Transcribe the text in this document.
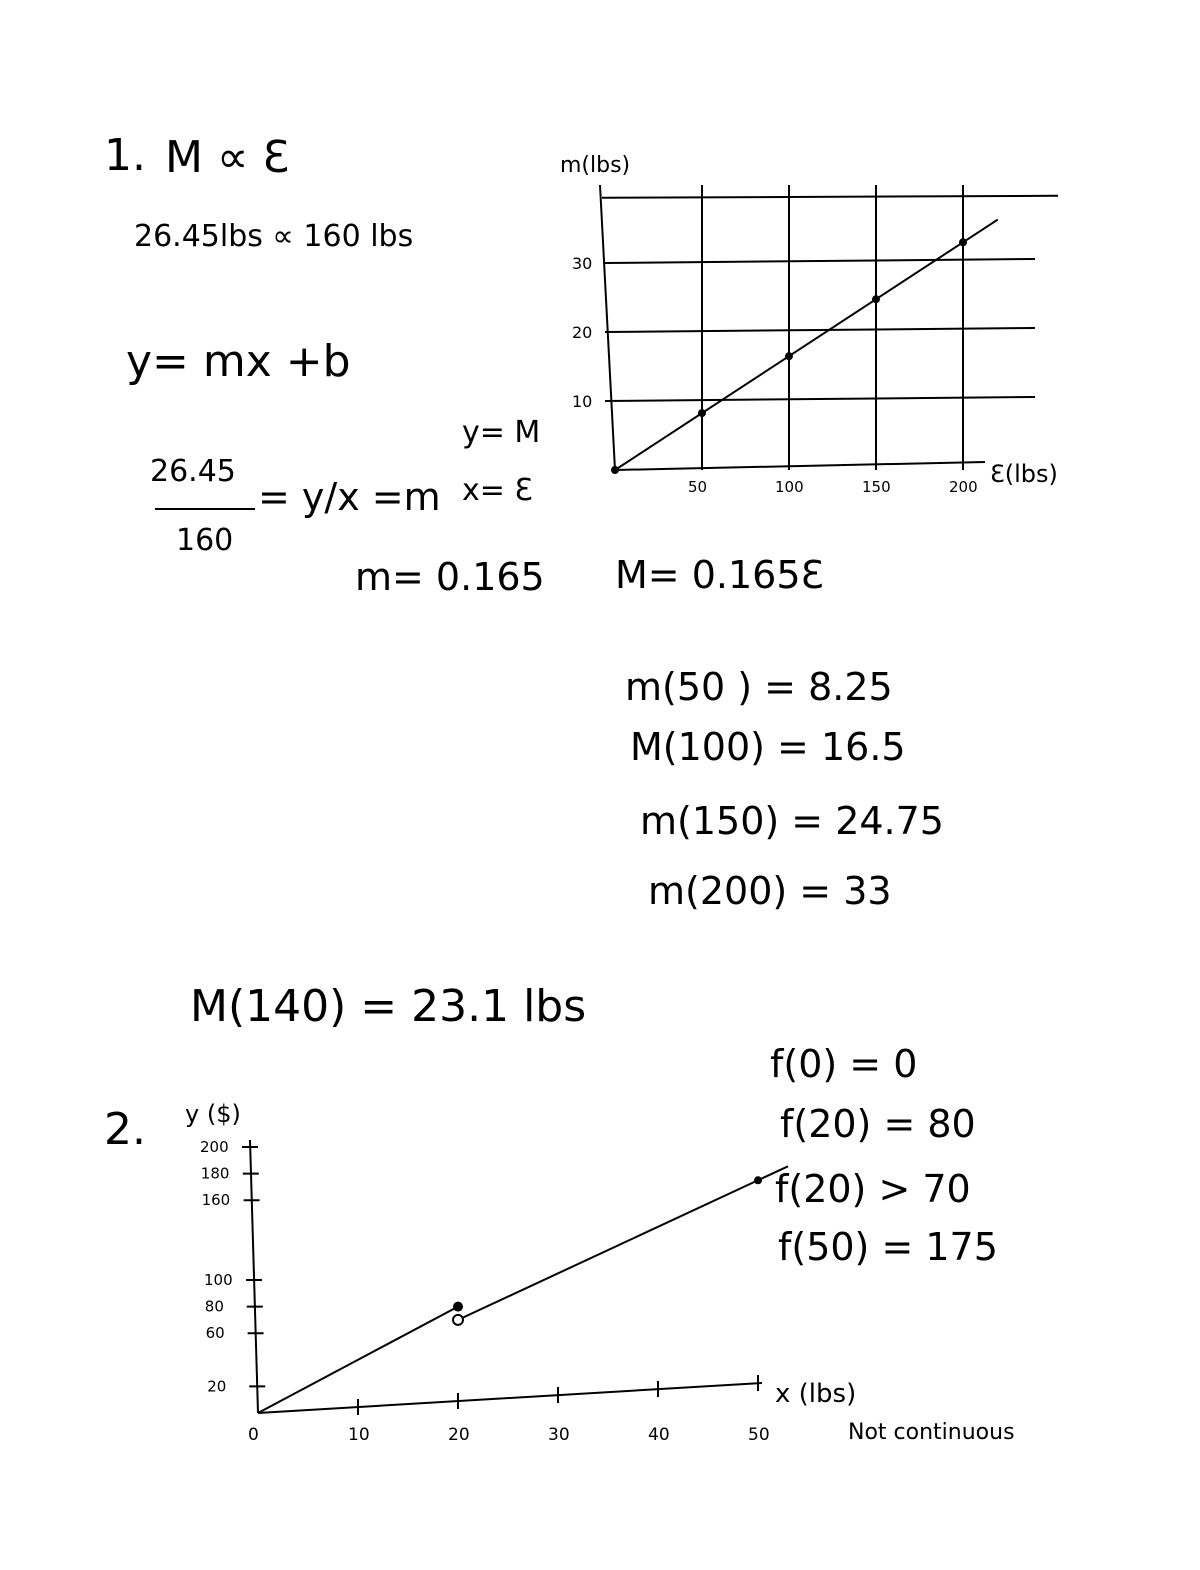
1. M ∝ Ɛ
26.45lbs ∝ 160 lbs
y= mx +b
26.45
160
= y/x =m
y= M
x= Ɛ
m= 0.165 M= 0.165Ɛ
m(50 ) = 8.25
M(100) = 16.5
m(150) = 24.75
m(200) = 33
M(140) = 23.1 lbs
2.
f(0) = 0
f(20) = 80
f(20) > 70
f(50) = 175
Not continuous
50	100	150	200
10
20
30
m(lbs)
Ɛ(lbs)
0	10	20	30	40	50
20
60
80
100
160
180
200
y ($)
x (lbs)
